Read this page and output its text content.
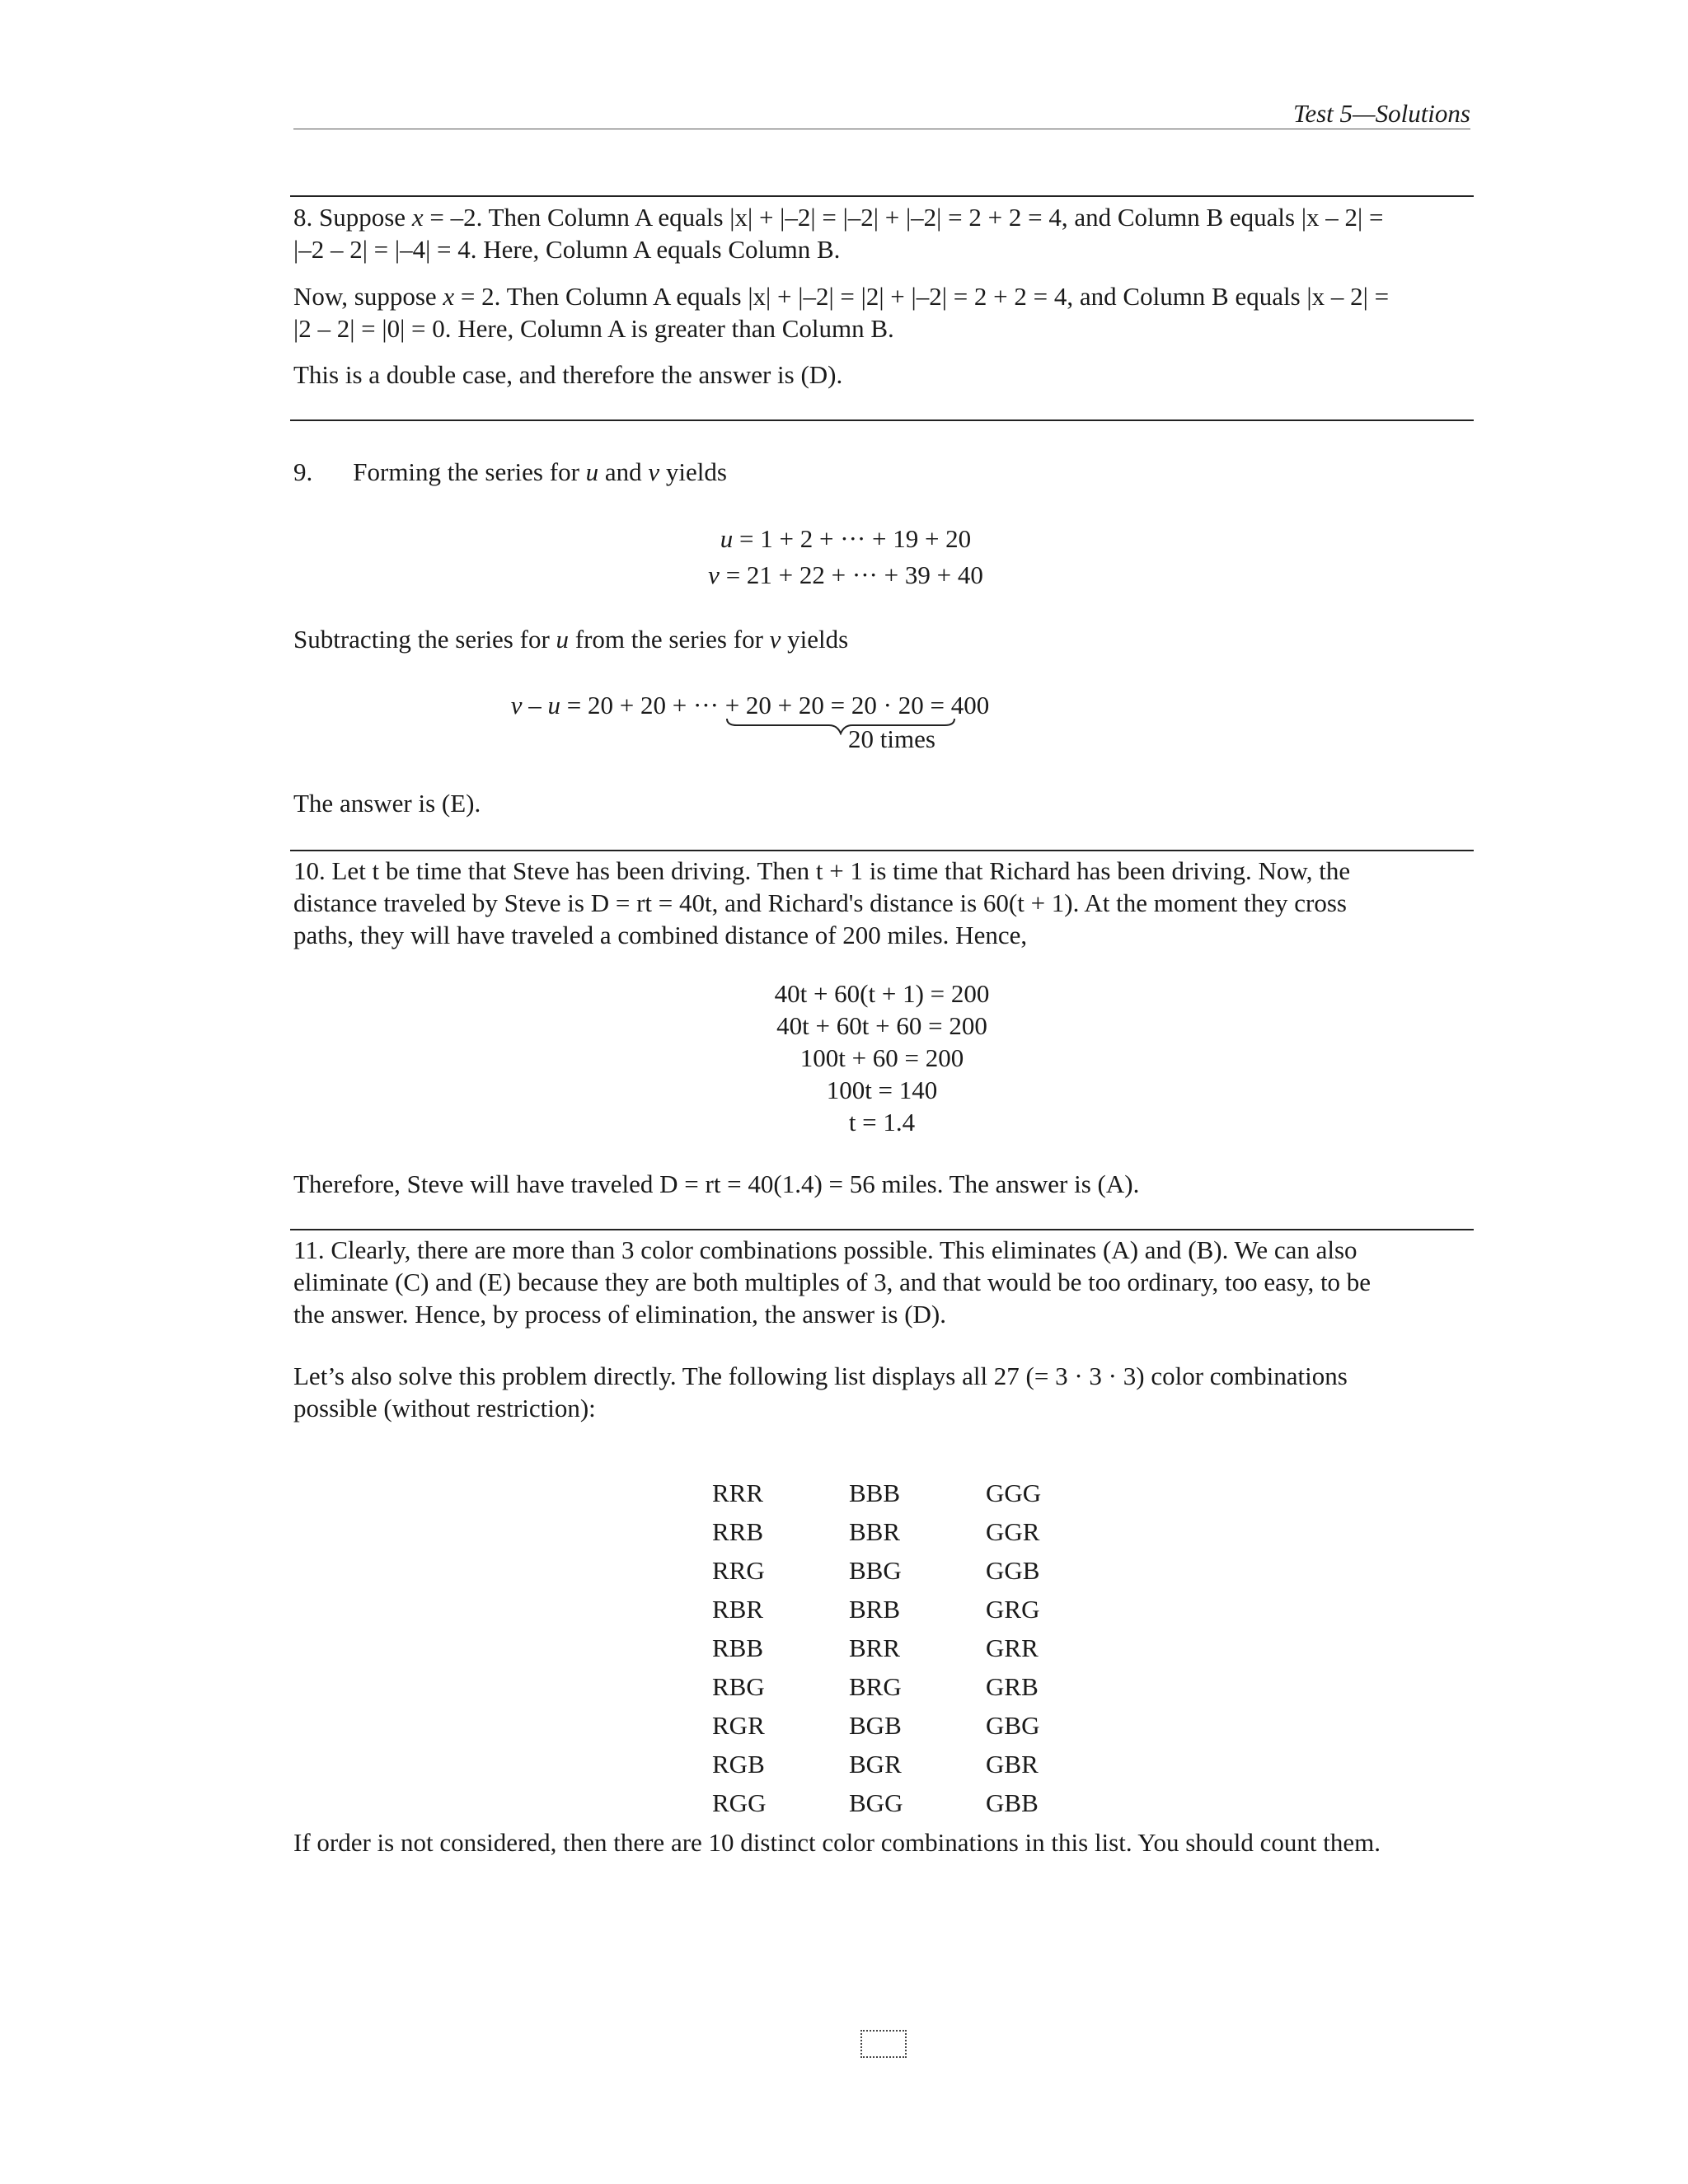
Test 5—Solutions

8. Suppose x = –2. Then Column A equals |x| + |–2| = |–2| + |–2| = 2 + 2 = 4, and Column B equals |x – 2| =

|–2 – 2| = |–4| = 4. Here, Column A equals Column B.

Now, suppose x = 2. Then Column A equals |x| + |–2| = |2| + |–2| = 2 + 2 = 4, and Column B equals |x – 2| =

|2 – 2| = |0| = 0. Here, Column A is greater than Column B.

This is a double case, and therefore the answer is (D).

9. Forming the series for u and v yields

u = 1 + 2 + ··· + 19 + 20
v = 21 + 22 + ··· + 39 + 40

Subtracting the series for u from the series for v yields

v – u = 20 + 20 + ··· + 20 + 20 = 20 · 20 = 400
20 times

The answer is (E).

10. Let t be time that Steve has been driving. Then t + 1 is time that Richard has been driving. Now, the

distance traveled by Steve is D = rt = 40t, and Richard's distance is 60(t + 1). At the moment they cross

paths, they will have traveled a combined distance of 200 miles. Hence,

40t + 60(t + 1) = 200
40t + 60t + 60 = 200
100t + 60 = 200
100t = 140
t = 1.4

Therefore, Steve will have traveled D = rt = 40(1.4) = 56 miles. The answer is (A).

11. Clearly, there are more than 3 color combinations possible. This eliminates (A) and (B). We can also

eliminate (C) and (E) because they are both multiples of 3, and that would be too ordinary, too easy, to be

the answer. Hence, by process of elimination, the answer is (D).

Let’s also solve this problem directly. The following list displays all 27 (= 3 · 3 · 3) color combinations

possible (without restriction):

RRR
RRB
RRG
RBR
RBB
RBG
RGR
RGB
RGG
BBB
BBR
BBG
BRB
BRR
BRG
BGB
BGR
BGG
GGG
GGR
GGB
GRG
GRR
GRB
GBG
GBR
GBB

If order is not considered, then there are 10 distinct color combinations in this list. You should count them.
